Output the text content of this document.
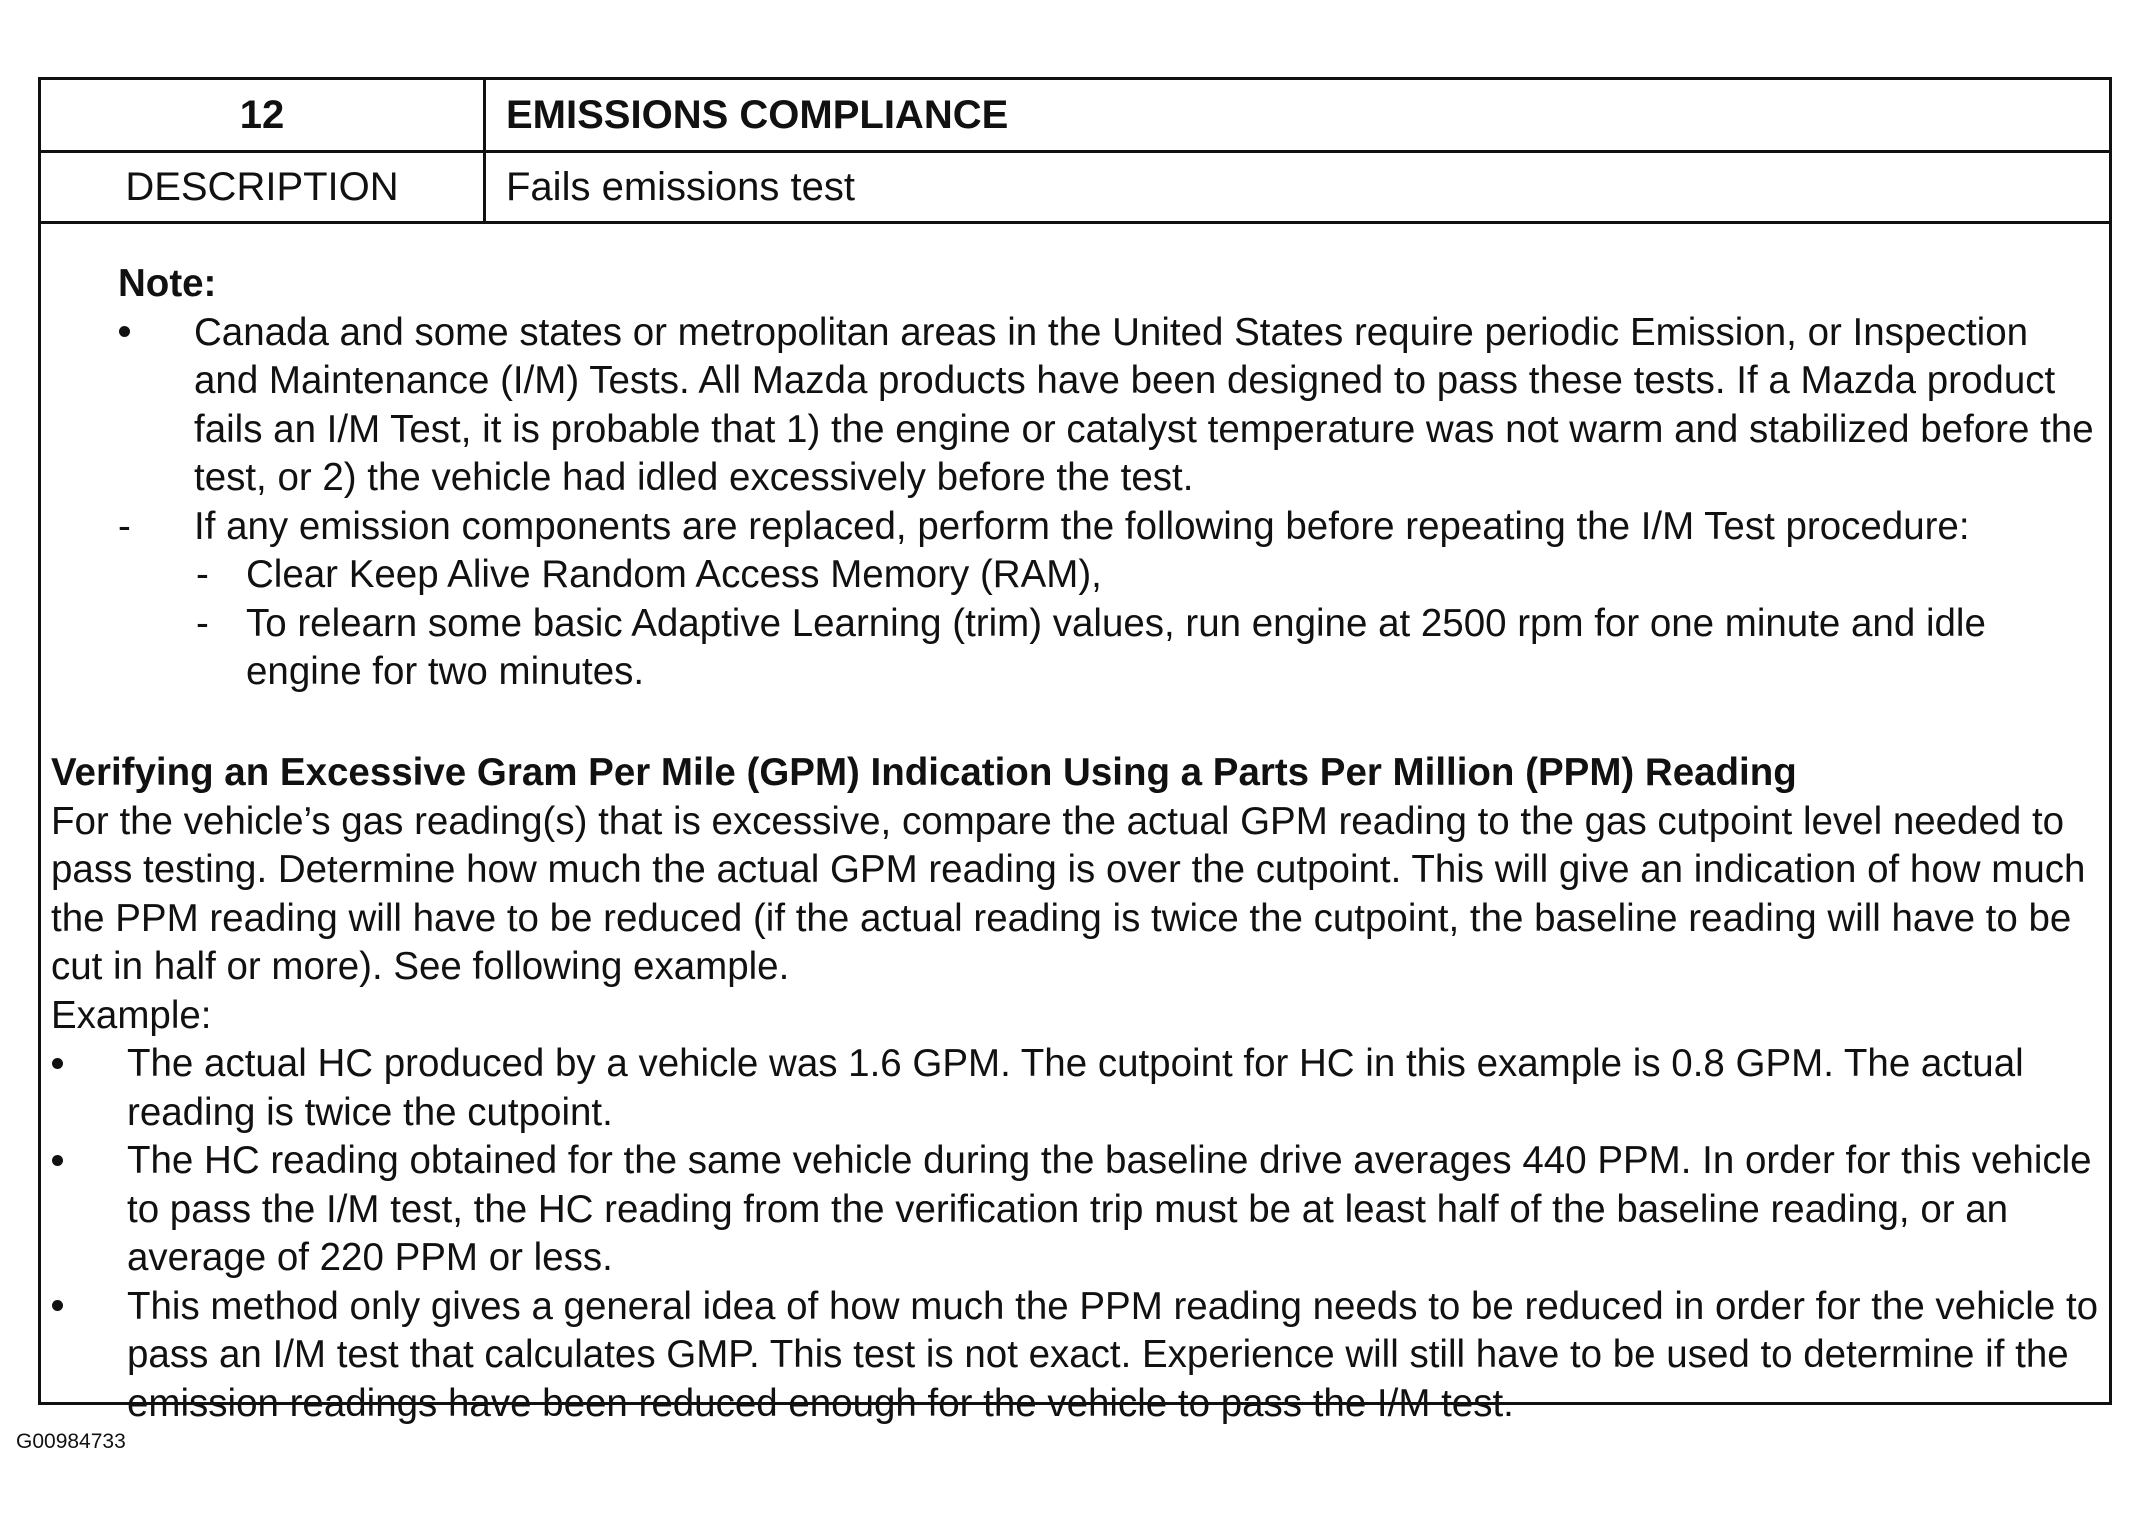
12	EMISSIONS COMPLIANCE
DESCRIPTION	Fails emissions test

Note:

Canada and some states or metropolitan areas in the United States require periodic Emission, or Inspection and Maintenance (I/M) Tests. All Mazda products have been designed to pass these tests. If a Mazda product fails an I/M Test, it is probable that 1) the engine or catalyst temperature was not warm and stabilized before the test, or 2) the vehicle had idled excessively before the test.
-	If any emission components are replaced, perform the following before repeating the I/M Test procedure:
- Clear Keep Alive Random Access Memory (RAM),
- To relearn some basic Adaptive Learning (trim) values, run engine at 2500 rpm for one minute and idle engine for two minutes.
Verifying an Excessive Gram Per Mile (GPM) Indication Using a Parts Per Million (PPM) Reading

For the vehicle’s gas reading(s) that is excessive, compare the actual GPM reading to the gas cutpoint level needed to pass testing. Determine how much the actual GPM reading is over the cutpoint. This will give an indication of how much the PPM reading will have to be reduced (if the actual reading is twice the cutpoint, the baseline reading will have to be cut in half or more). See following example.

Example:

The actual HC produced by a vehicle was 1.6 GPM. The cutpoint for HC in this example is 0.8 GPM. The actual reading is twice the cutpoint.
The HC reading obtained for the same vehicle during the baseline drive averages 440 PPM. In order for this vehicle to pass the I/M test, the HC reading from the verification trip must be at least half of the baseline reading, or an average of 220 PPM or less.
This method only gives a general idea of how much the PPM reading needs to be reduced in order for the vehicle to pass an I/M test that calculates GMP. This test is not exact. Experience will still have to be used to determine if the emission readings have been reduced enough for the vehicle to pass the I/M test.
G00984733
